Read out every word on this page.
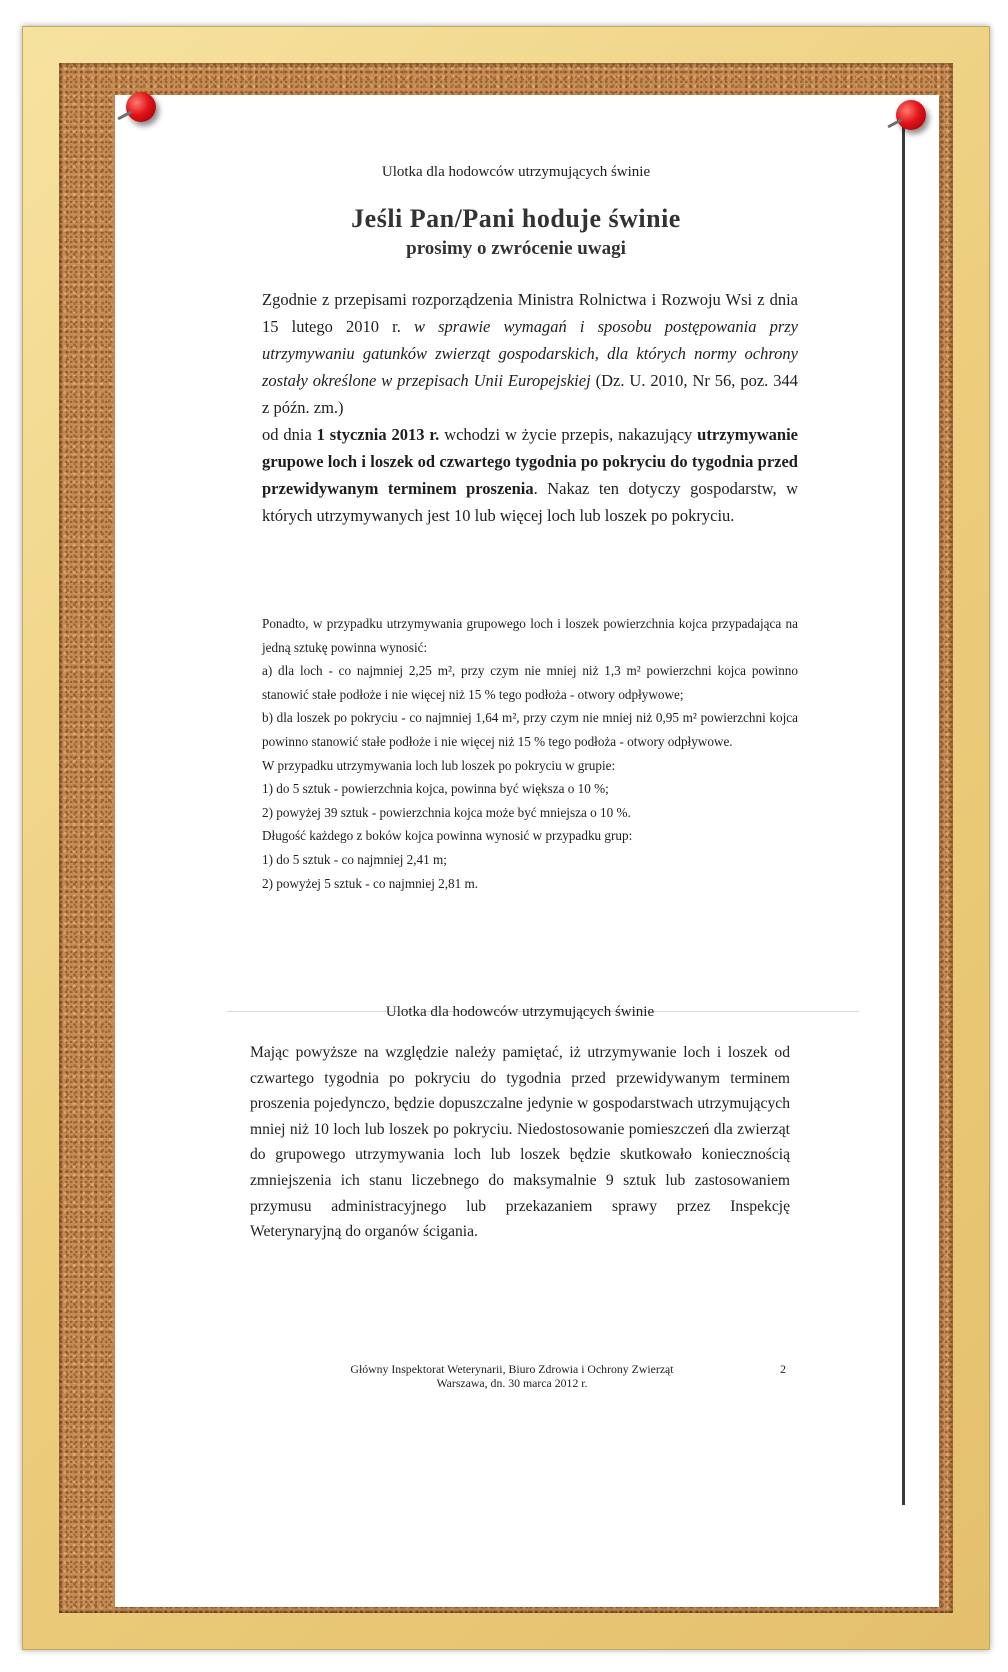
Ulotka dla hodowców utrzymujących świnie
Jeśli Pan/Pani hoduje świnie
prosimy o zwrócenie uwagi

Zgodnie z przepisami rozporządzenia Ministra Rolnictwa i Rozwoju Wsi z dnia 15 lutego 2010 r. w sprawie wymagań i sposobu postępowania przy utrzymywaniu gatunków zwierząt gospodarskich, dla których normy ochrony zostały określone w przepisach Unii Europejskiej (Dz. U. 2010, Nr 56, poz. 344 z późn. zm.)

od dnia 1 stycznia 2013 r. wchodzi w życie przepis, nakazujący utrzymywanie grupowe loch i loszek od czwartego tygodnia po pokryciu do tygodnia przed przewidywanym terminem proszenia. Nakaz ten dotyczy gospodarstw, w których utrzymywanych jest 10 lub więcej loch lub loszek po pokryciu.

Ponadto, w przypadku utrzymywania grupowego loch i loszek powierzchnia kojca przypadająca na jedną sztukę powinna wynosić:

a) dla loch - co najmniej 2,25 m², przy czym nie mniej niż 1,3 m² powierzchni kojca powinno stanowić stałe podłoże i nie więcej niż 15 % tego podłoża - otwory odpływowe;

b) dla loszek po pokryciu - co najmniej 1,64 m², przy czym nie mniej niż 0,95 m² powierzchni kojca powinno stanowić stałe podłoże i nie więcej niż 15 % tego podłoża - otwory odpływowe.

W przypadku utrzymywania loch lub loszek po pokryciu w grupie:

1) do 5 sztuk - powierzchnia kojca, powinna być większa o 10 %;

2) powyżej 39 sztuk - powierzchnia kojca może być mniejsza o 10 %.

Długość każdego z boków kojca powinna wynosić w przypadku grup:

1) do 5 sztuk - co najmniej 2,41 m;

2) powyżej 5 sztuk - co najmniej 2,81 m.

Ulotka dla hodowców utrzymujących świnie

Mając powyższe na względzie należy pamiętać, iż utrzymywanie loch i loszek od czwartego tygodnia po pokryciu do tygodnia przed przewidywanym terminem proszenia pojedynczo, będzie dopuszczalne jedynie w gospodarstwach utrzymujących mniej niż 10 loch lub loszek po pokryciu. Niedostosowanie pomieszczeń dla zwierząt do grupowego utrzymywania loch lub loszek będzie skutkowało koniecznością zmniejszenia ich stanu liczebnego do maksymalnie 9 sztuk lub zastosowaniem przymusu administracyjnego lub przekazaniem sprawy przez Inspekcję Weterynaryjną do organów ścigania.

Główny Inspektorat Weterynarii, Biuro Zdrowia i Ochrony Zwierząt
Warszawa, dn. 30 marca 2012 r.
2
